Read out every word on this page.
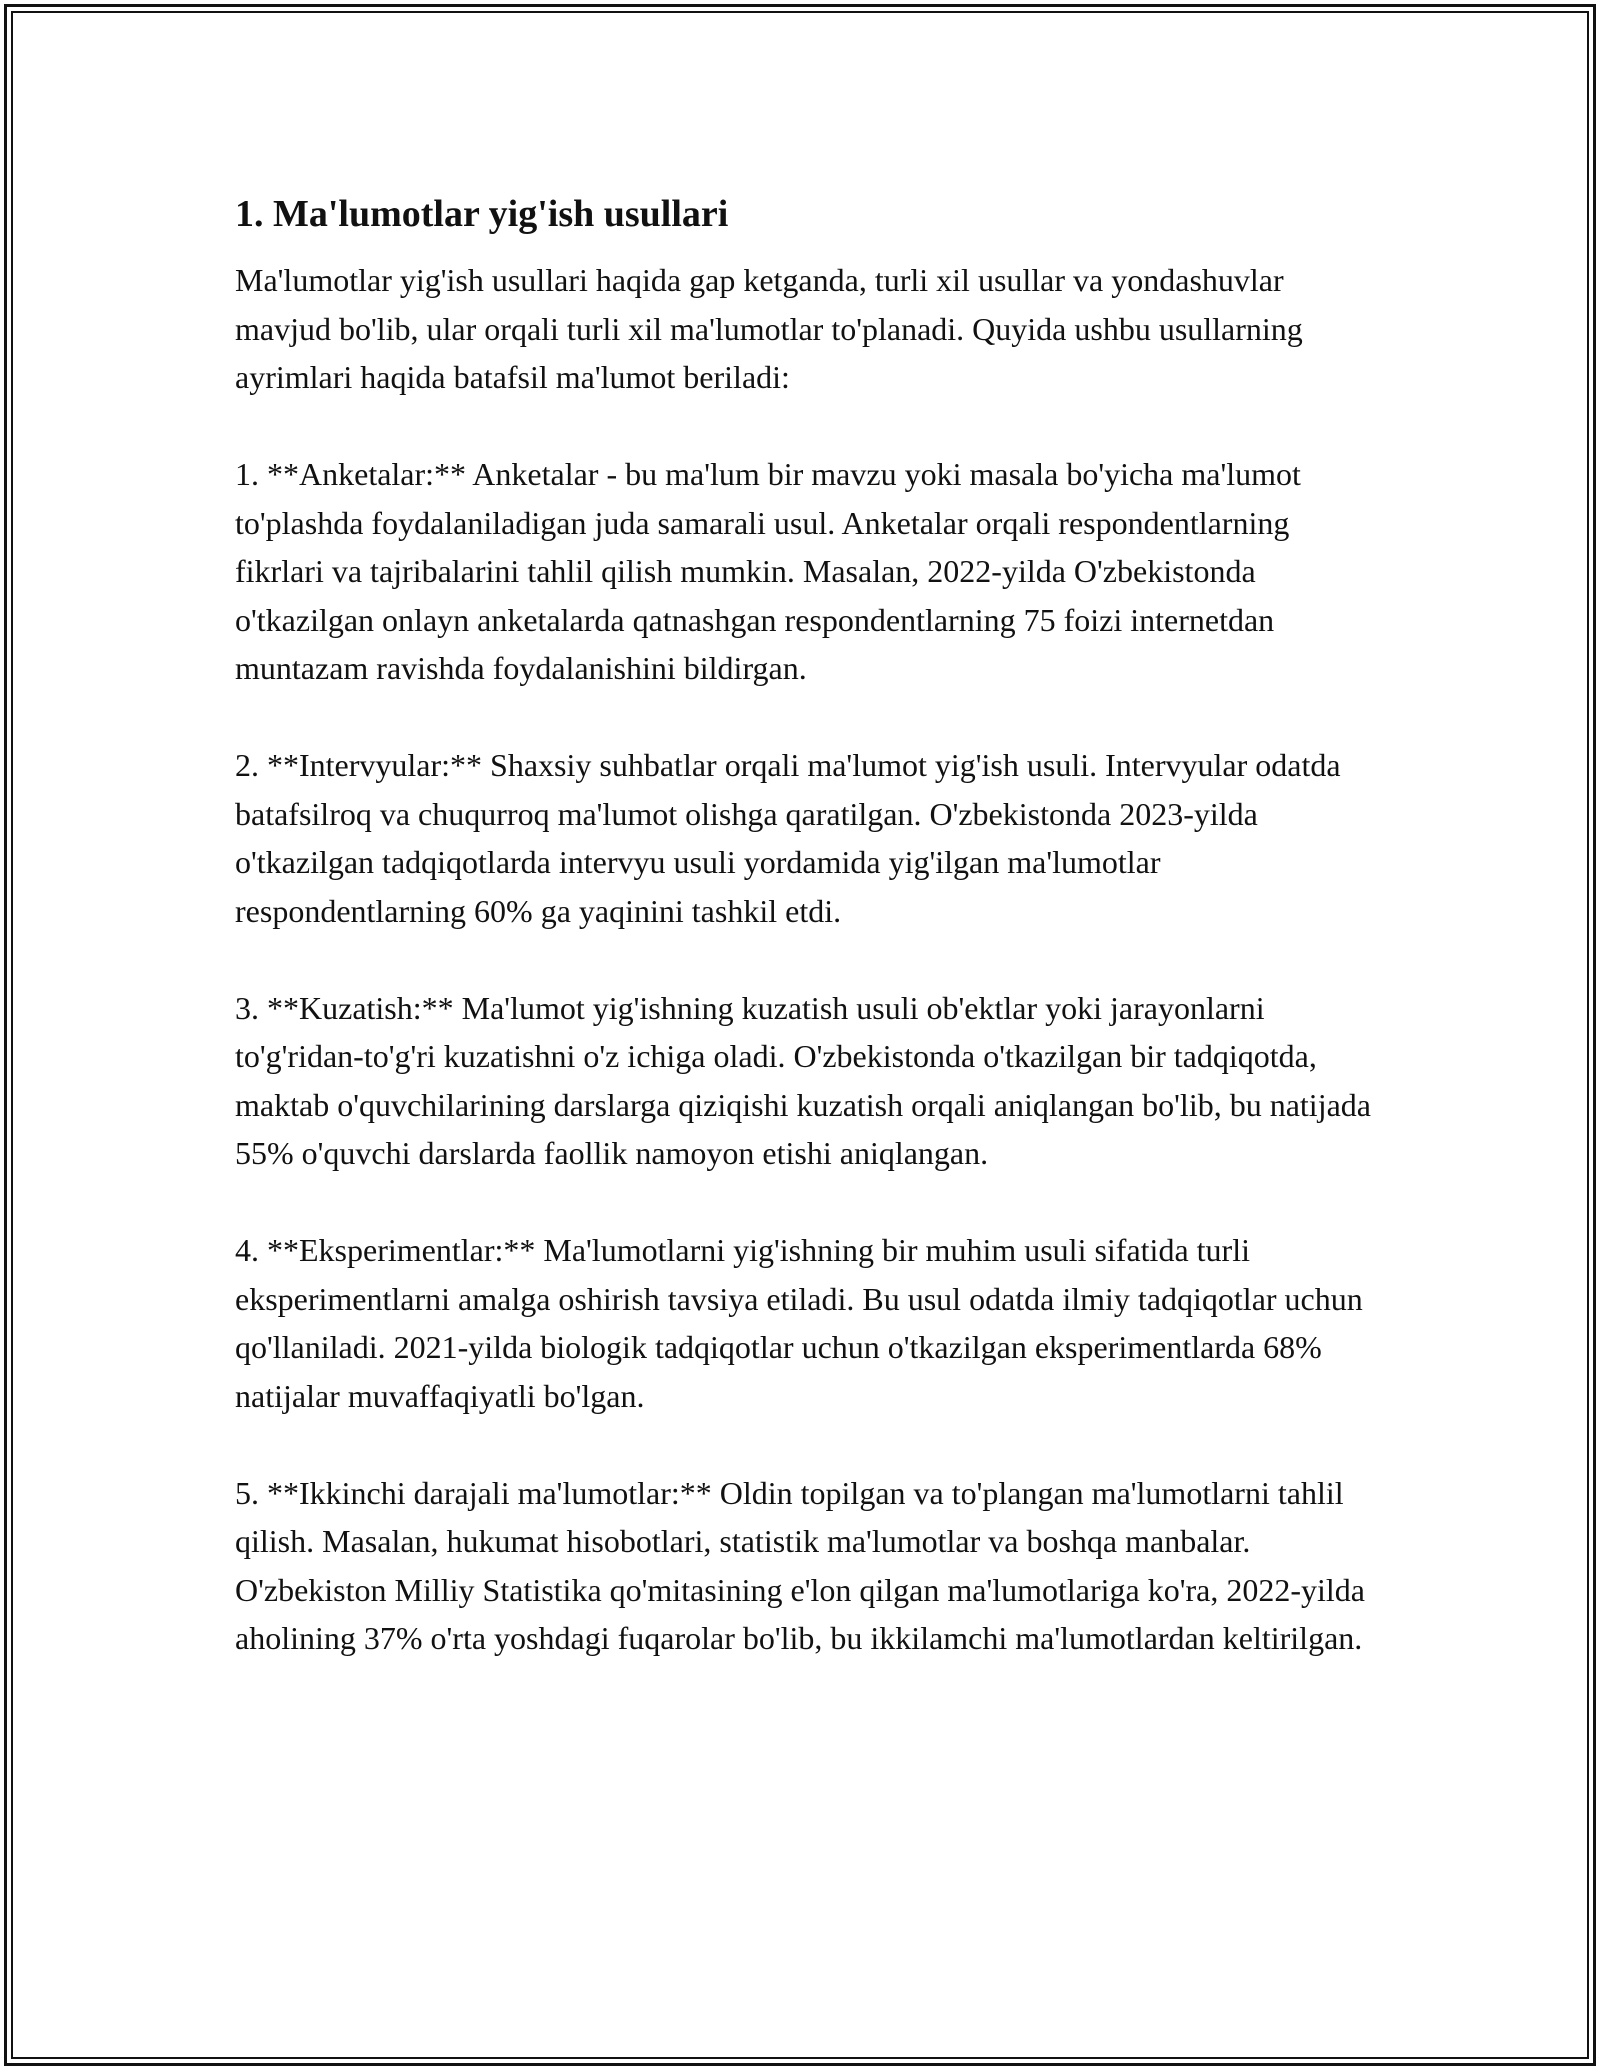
1. Ma'lumotlar yig'ish usullari

Ma'lumotlar yig'ish usullari haqida gap ketganda, turli xil usullar va yondashuvlar mavjud bo'lib, ular orqali turli xil ma'lumotlar to'planadi. Quyida ushbu usullarning ayrimlari haqida batafsil ma'lumot beriladi:

1. **Anketalar:** Anketalar - bu ma'lum bir mavzu yoki masala bo'yicha ma'lumot to'plashda foydalaniladigan juda samarali usul. Anketalar orqali respondentlarning fikrlari va tajribalarini tahlil qilish mumkin. Masalan, 2022-yilda O'zbekistonda o'tkazilgan onlayn anketalarda qatnashgan respondentlarning 75 foizi internetdan muntazam ravishda foydalanishini bildirgan.

2. **Intervyular:** Shaxsiy suhbatlar orqali ma'lumot yig'ish usuli. Intervyular odatda batafsilroq va chuqurroq ma'lumot olishga qaratilgan. O'zbekistonda 2023-yilda o'tkazilgan tadqiqotlarda intervyu usuli yordamida yig'ilgan ma'lumotlar respondentlarning 60% ga yaqinini tashkil etdi.

3. **Kuzatish:** Ma'lumot yig'ishning kuzatish usuli ob'ektlar yoki jarayonlarni to'g'ridan-to'g'ri kuzatishni o'z ichiga oladi. O'zbekistonda o'tkazilgan bir tadqiqotda, maktab o'quvchilarining darslarga qiziqishi kuzatish orqali aniqlangan bo'lib, bu natijada 55% o'quvchi darslarda faollik namoyon etishi aniqlangan.

4. **Eksperimentlar:** Ma'lumotlarni yig'ishning bir muhim usuli sifatida turli eksperimentlarni amalga oshirish tavsiya etiladi. Bu usul odatda ilmiy tadqiqotlar uchun qo'llaniladi. 2021-yilda biologik tadqiqotlar uchun o'tkazilgan eksperimentlarda 68% natijalar muvaffaqiyatli bo'lgan.

5. **Ikkinchi darajali ma'lumotlar:** Oldin topilgan va to'plangan ma'lumotlarni tahlil qilish. Masalan, hukumat hisobotlari, statistik ma'lumotlar va boshqa manbalar. O'zbekiston Milliy Statistika qo'mitasining e'lon qilgan ma'lumotlariga ko'ra, 2022-yilda aholining 37% o'rta yoshdagi fuqarolar bo'lib, bu ikkilamchi ma'lumotlardan keltirilgan.
